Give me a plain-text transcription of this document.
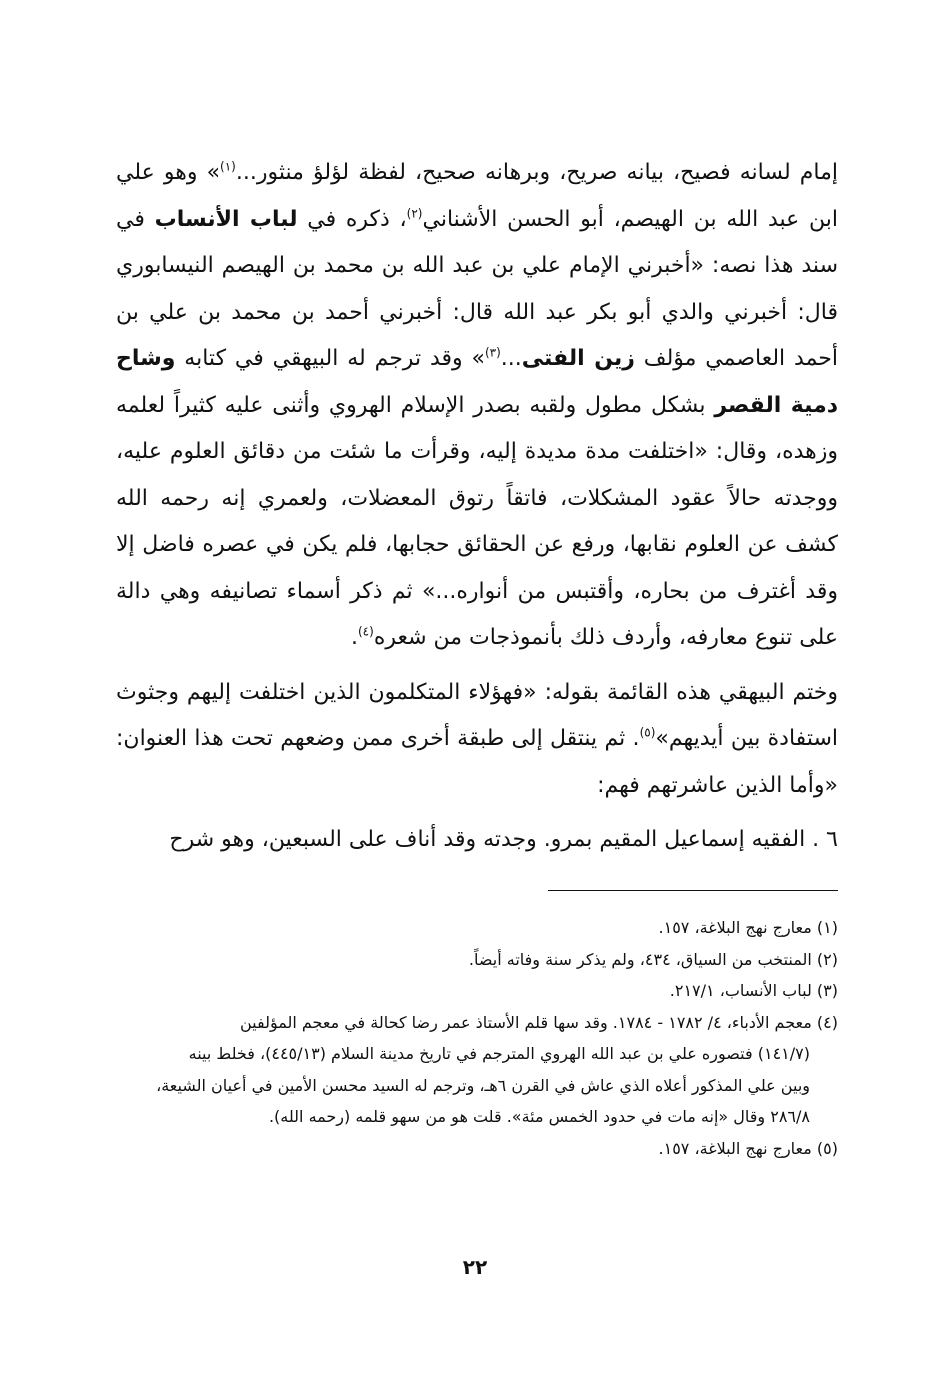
إمام لسانه فصيح، بيانه صريح، وبرهانه صحيح، لفظة لؤلؤ منثور...$^{(١)}$» وهو علي ابن عبد الله بن الهيصم، أبو الحسن الأشناني$^{(٢)}$، ذكره في لباب الأنساب في سند هذا نصه: «أخبرني الإمام علي بن عبد الله بن محمد بن الهيصم النيسابوري قال: أخبرني والدي أبو بكر عبد الله قال: أخبرني أحمد بن محمد بن علي بن أحمد العاصمي مؤلف زين الفتى...$^{(٣)}$» وقد ترجم له البيهقي في كتابه وشاح دمية القصر بشكل مطول ولقبه بصدر الإسلام الهروي وأثنى عليه كثيراً لعلمه وزهده، وقال: «اختلفت مدة مديدة إليه، وقرأت ما شئت من دقائق العلوم عليه، ووجدته حالاً عقود المشكلات، فاتقاً رتوق المعضلات، ولعمري إنه رحمه الله كشف عن العلوم نقابها، ورفع عن الحقائق حجابها، فلم يكن في عصره فاضل إلا وقد أغترف من بحاره، وأقتبس من أنواره...» ثم ذكر أسماء تصانيفه وهي دالة على تنوع معارفه، وأردف ذلك بأنموذجات من شعره$^{(٤)}$.

وختم البيهقي هذه القائمة بقوله: «فهؤلاء المتكلمون الذين اختلفت إليهم وجثوث استفادة بين أيديهم»$^{(٥)}$. ثم ينتقل إلى طبقة أخرى ممن وضعهم تحت هذا العنوان: «وأما الذين عاشرتهم فهم:

٦ . الفقيه إسماعيل المقيم بمرو. وجدته وقد أناف على السبعين، وهو شرح

(١) معارج نهج البلاغة، ١٥٧.

(٢) المنتخب من السياق، ٤٣٤، ولم يذكر سنة وفاته أيضاً.

(٣) لباب الأنساب، ٢١٧/١.

(٤) معجم الأدباء، ٤/ ١٧٨٢ - ١٧٨٤. وقد سها قلم الأستاذ عمر رضا كحالة في معجم المؤلفين

(١٤١/٧) فتصوره علي بن عبد الله الهروي المترجم في تاريخ مدينة السلام (٤٤٥/١٣)، فخلط بينه

وبين علي المذكور أعلاه الذي عاش في القرن ٦هـ، وترجم له السيد محسن الأمين في أعيان الشيعة،

٢٨٦/٨ وقال «إنه مات في حدود الخمس مئة». قلت هو من سهو قلمه (رحمه الله).

(٥) معارج نهج البلاغة، ١٥٧.

٢٢
